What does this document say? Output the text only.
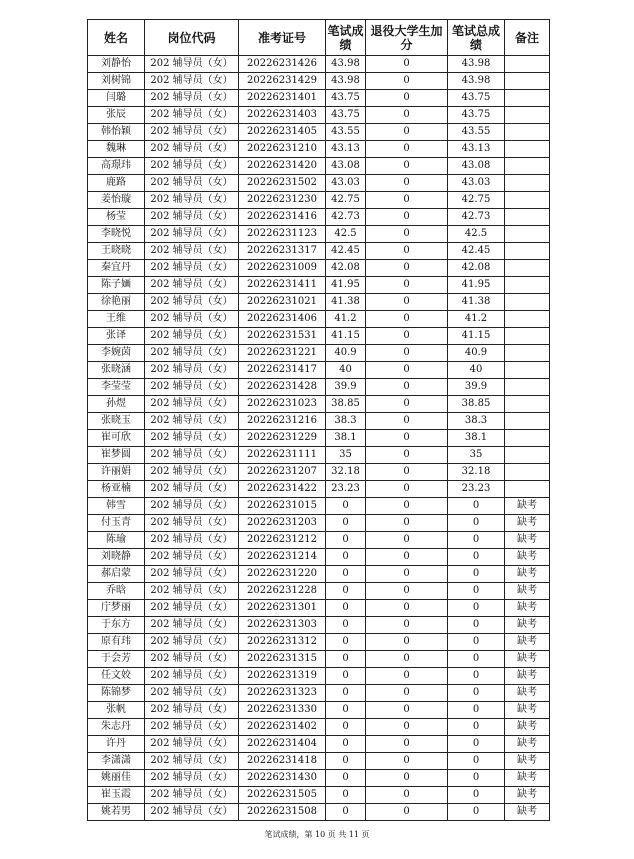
姓名	岗位代码	准考证号	笔试成绩	退役大学生加分	笔试总成绩	备注
刘静怡	202 辅导员（女）	20226231426	43.98	0	43.98	
刘树锦	202 辅导员（女）	20226231429	43.98	0	43.98	
闫璐	202 辅导员（女）	20226231401	43.75	0	43.75	
张辰	202 辅导员（女）	20226231403	43.75	0	43.75	
韩怡颖	202 辅导员（女）	20226231405	43.55	0	43.55	
魏琳	202 辅导员（女）	20226231210	43.13	0	43.13	
高璟玮	202 辅导员（女）	20226231420	43.08	0	43.08	
鹿路	202 辅导员（女）	20226231502	43.03	0	43.03	
姜怡璇	202 辅导员（女）	20226231230	42.75	0	42.75	
杨莹	202 辅导员（女）	20226231416	42.73	0	42.73	
李晓悦	202 辅导员（女）	20226231123	42.5	0	42.5	
王晓晓	202 辅导员（女）	20226231317	42.45	0	42.45	
秦宜丹	202 辅导员（女）	20226231009	42.08	0	42.08	
陈子婳	202 辅导员（女）	20226231411	41.95	0	41.95	
徐艳丽	202 辅导员（女）	20226231021	41.38	0	41.38	
王维	202 辅导员（女）	20226231406	41.2	0	41.2	
张译	202 辅导员（女）	20226231531	41.15	0	41.15	
李婉茵	202 辅导员（女）	20226231221	40.9	0	40.9	
张晓涵	202 辅导员（女）	20226231417	40	0	40	
李莹莹	202 辅导员（女）	20226231428	39.9	0	39.9	
孙煜	202 辅导员（女）	20226231023	38.85	0	38.85	
张晓玉	202 辅导员（女）	20226231216	38.3	0	38.3	
崔可欣	202 辅导员（女）	20226231229	38.1	0	38.1	
崔梦圆	202 辅导员（女）	20226231111	35	0	35	
许丽娟	202 辅导员（女）	20226231207	32.18	0	32.18	
杨亚楠	202 辅导员（女）	20226231422	23.23	0	23.23	
韩雪	202 辅导员（女）	20226231015	0	0	0	缺考
付玉青	202 辅导员（女）	20226231203	0	0	0	缺考
陈瑜	202 辅导员（女）	20226231212	0	0	0	缺考
刘晓静	202 辅导员（女）	20226231214	0	0	0	缺考
郝启蒙	202 辅导员（女）	20226231220	0	0	0	缺考
乔晗	202 辅导员（女）	20226231228	0	0	0	缺考
庁梦丽	202 辅导员（女）	20226231301	0	0	0	缺考
于东方	202 辅导员（女）	20226231303	0	0	0	缺考
原有玮	202 辅导员（女）	20226231312	0	0	0	缺考
于会芳	202 辅导员（女）	20226231315	0	0	0	缺考
任文姣	202 辅导员（女）	20226231319	0	0	0	缺考
陈锦梦	202 辅导员（女）	20226231323	0	0	0	缺考
张帆	202 辅导员（女）	20226231330	0	0	0	缺考
朱志丹	202 辅导员（女）	20226231402	0	0	0	缺考
许丹	202 辅导员（女）	20226231404	0	0	0	缺考
李潇潇	202 辅导员（女）	20226231418	0	0	0	缺考
姚丽佳	202 辅导员（女）	20226231430	0	0	0	缺考
崔玉霞	202 辅导员（女）	20226231505	0	0	0	缺考
姚若男	202 辅导员（女）	20226231508	0	0	0	缺考
笔试成绩，第 10 页 共 11 页
